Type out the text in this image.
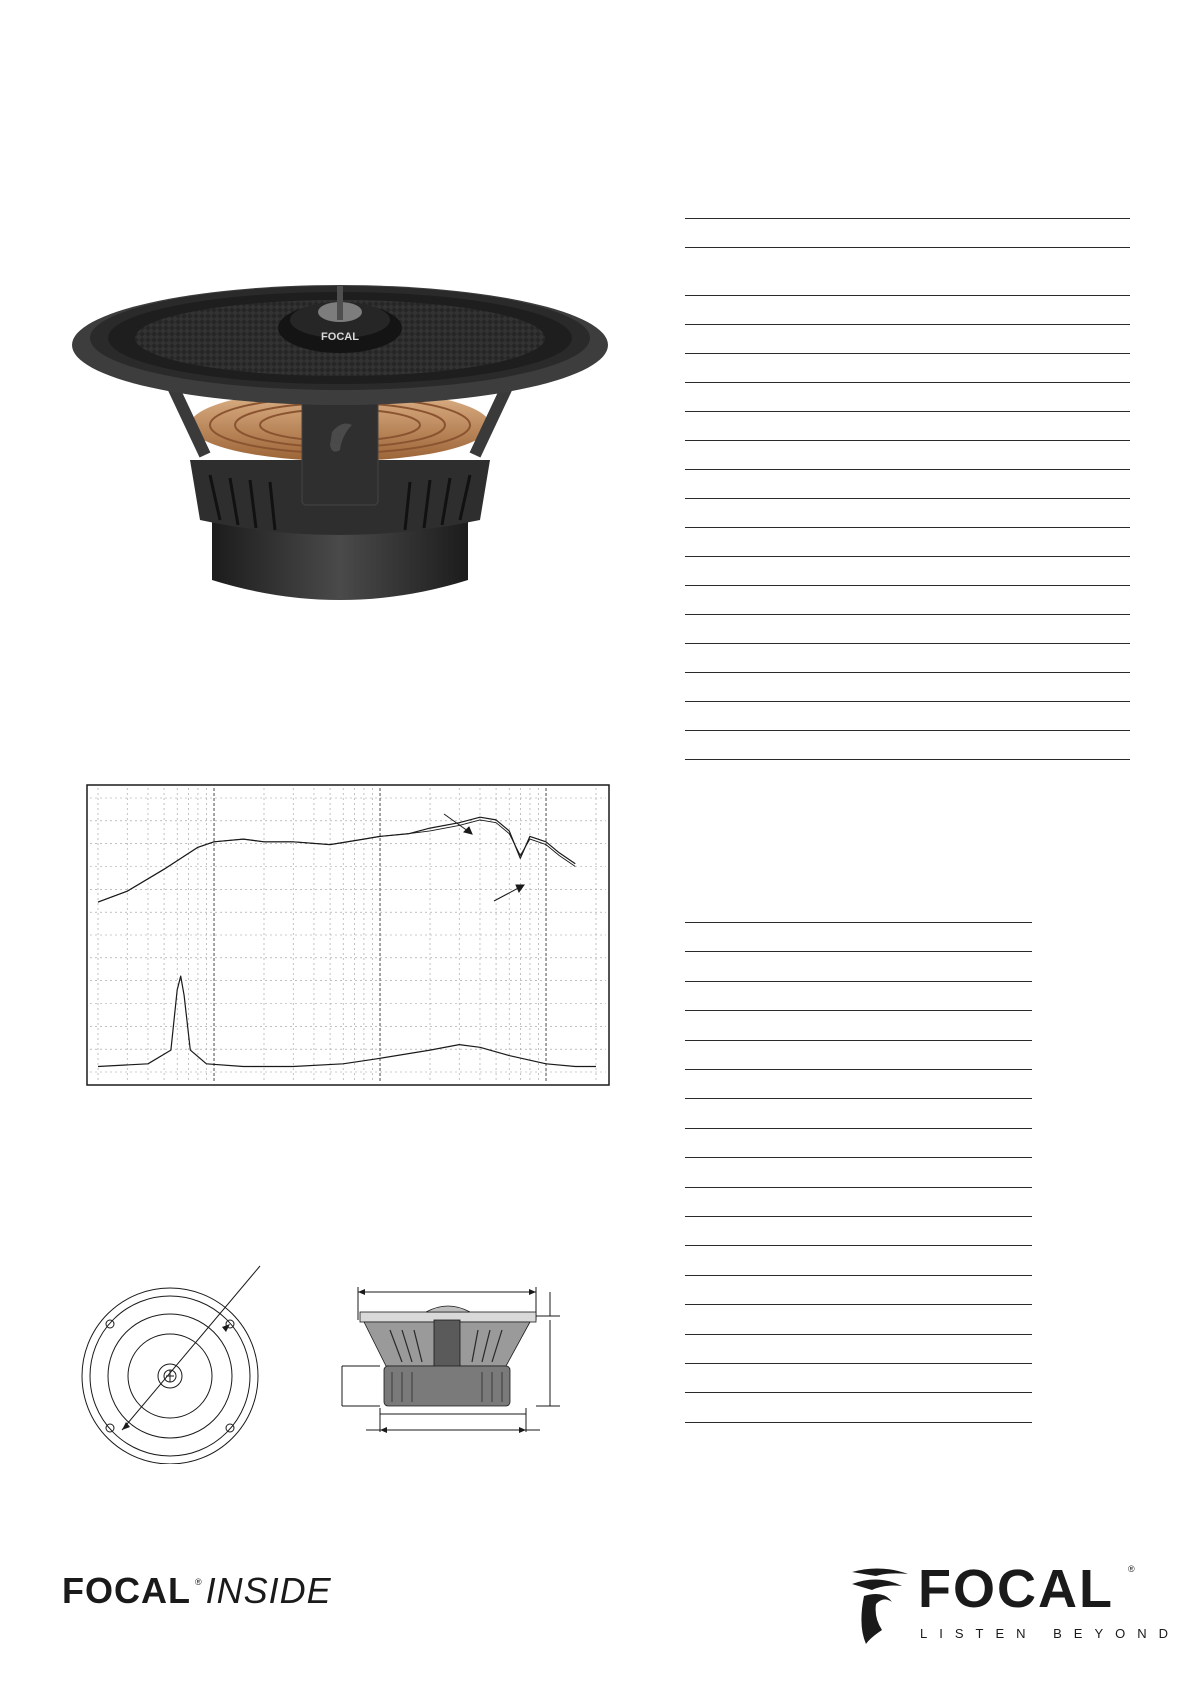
FOCAL
FOCAL ® INSIDE	FOCAL ®
LISTEN BEYOND
